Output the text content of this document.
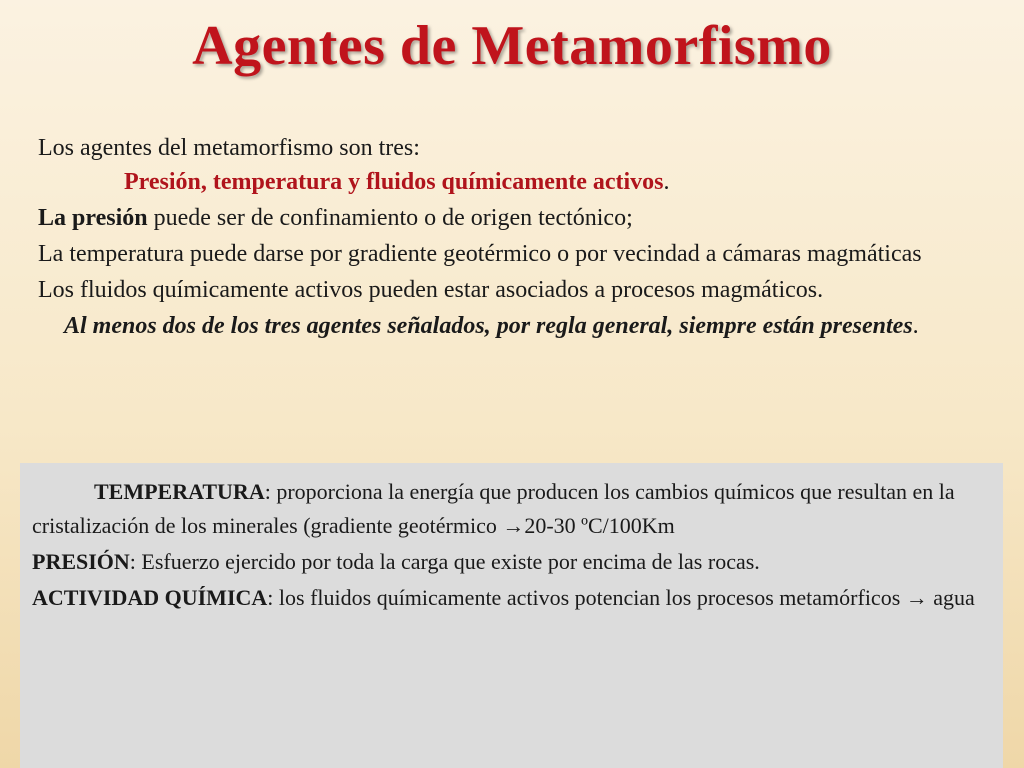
Agentes de Metamorfismo

Los agentes del metamorfismo son tres:

Presión, temperatura y fluidos químicamente activos.

La presión puede ser de confinamiento o de origen tectónico;

La temperatura puede darse por gradiente geotérmico o por vecindad a cámaras magmáticas

Los fluidos químicamente activos pueden estar asociados a procesos magmáticos.

Al menos dos de los tres agentes señalados, por regla general, siempre están presentes.

TEMPERATURA: proporciona la energía que producen los cambios químicos que resultan en la cristalización de los minerales (gradiente geotérmico →20-30 ºC/100Km

PRESIÓN: Esfuerzo ejercido por toda la carga que existe por encima de las rocas.

ACTIVIDAD QUÍMICA: los fluidos químicamente activos potencian los procesos metamórficos → agua
